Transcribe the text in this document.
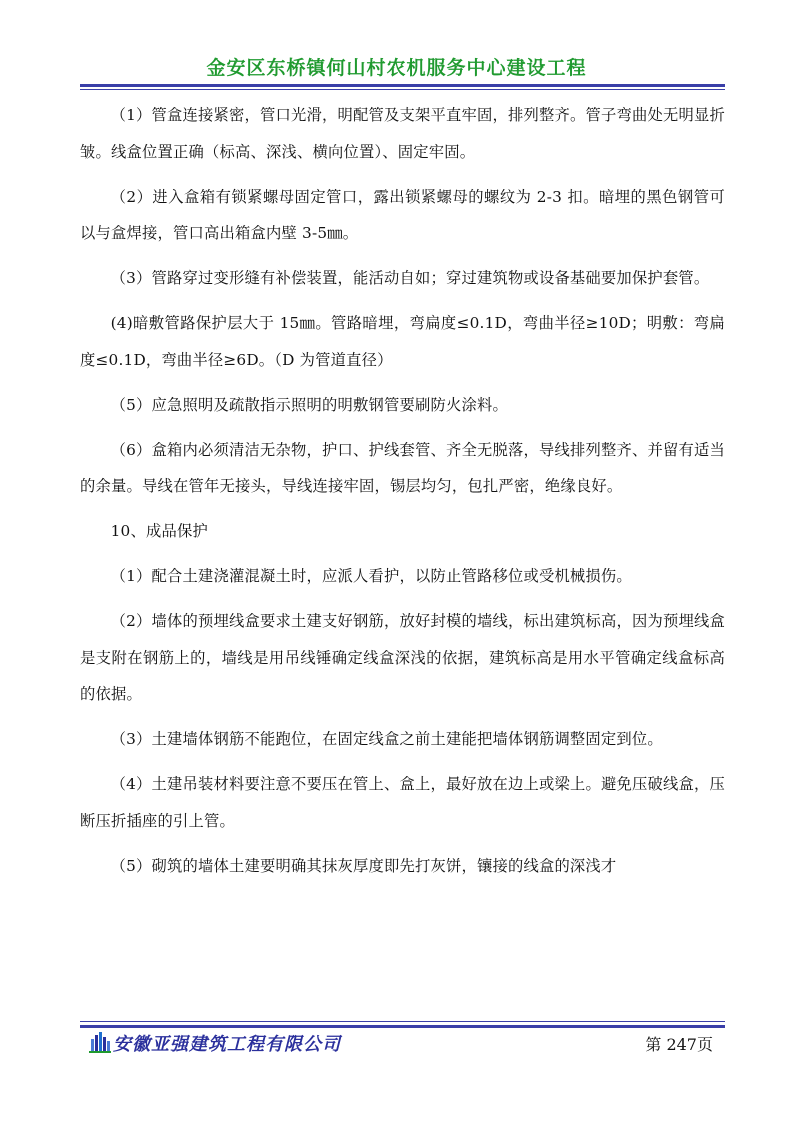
金安区东桥镇何山村农机服务中心建设工程

（1）管盒连接紧密，管口光滑，明配管及支架平直牢固，排列整齐。管子弯曲处无明显折皱。线盒位置正确（标高、深浅、横向位置）、固定牢固。

（2）进入盒箱有锁紧螺母固定管口，露出锁紧螺母的螺纹为 2-3 扣。暗埋的黑色钢管可以与盒焊接，管口高出箱盒内壁 3-5㎜。

（3）管路穿过变形缝有补偿装置，能活动自如；穿过建筑物或设备基础要加保护套管。

(4)暗敷管路保护层大于 15㎜。管路暗埋，弯扁度≤0.1D，弯曲半径≥10D；明敷：弯扁度≤0.1D，弯曲半径≥6D。（D 为管道直径）

（5）应急照明及疏散指示照明的明敷钢管要刷防火涂料。

（6）盒箱内必须清洁无杂物，护口、护线套管、齐全无脱落，导线排列整齐、并留有适当的余量。导线在管年无接头，导线连接牢固，锡层均匀，包扎严密，绝缘良好。

10、成品保护

（1）配合土建浇灌混凝土时，应派人看护，以防止管路移位或受机械损伤。

（2）墙体的预埋线盒要求土建支好钢筋，放好封模的墙线，标出建筑标高，因为预埋线盒是支附在钢筋上的，墙线是用吊线锤确定线盒深浅的依据，建筑标高是用水平管确定线盒标高的依据。

（3）土建墙体钢筋不能跑位，在固定线盒之前土建能把墙体钢筋调整固定到位。

（4）土建吊装材料要注意不要压在管上、盒上，最好放在边上或梁上。避免压破线盒，压断压折插座的引上管。

（5）砌筑的墙体土建要明确其抹灰厚度即先打灰饼，镶接的线盒的深浅才

安徽亚强建筑工程有限公司	第 247页
